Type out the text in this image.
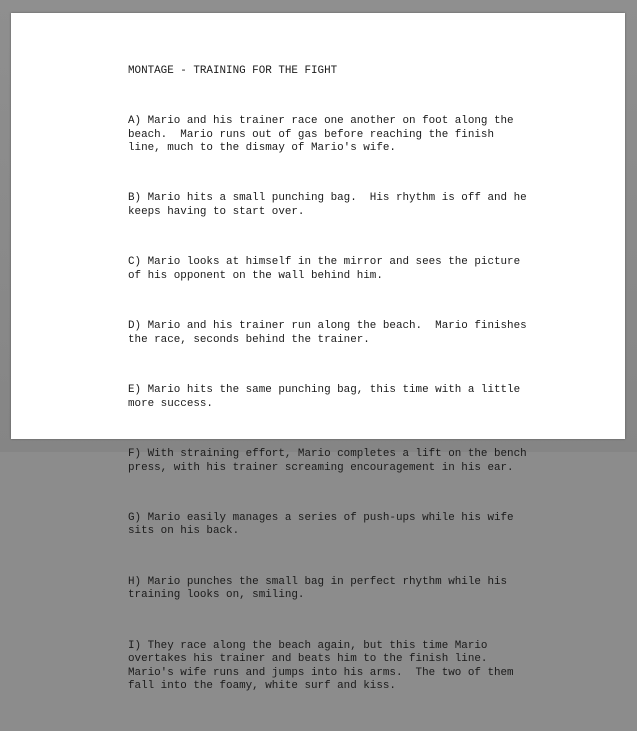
MONTAGE - TRAINING FOR THE FIGHT

A) Mario and his trainer race one another on foot along the
beach.  Mario runs out of gas before reaching the finish
line, much to the dismay of Mario's wife.

B) Mario hits a small punching bag.  His rhythm is off and he
keeps having to start over.

C) Mario looks at himself in the mirror and sees the picture
of his opponent on the wall behind him.

D) Mario and his trainer run along the beach.  Mario finishes
the race, seconds behind the trainer.

E) Mario hits the same punching bag, this time with a little
more success.

F) With straining effort, Mario completes a lift on the bench
press, with his trainer screaming encouragement in his ear.

G) Mario easily manages a series of push-ups while his wife
sits on his back.

H) Mario punches the small bag in perfect rhythm while his
training looks on, smiling.

I) They race along the beach again, but this time Mario
overtakes his trainer and beats him to the finish line.
Mario's wife runs and jumps into his arms.  The two of them
fall into the foamy, white surf and kiss.
